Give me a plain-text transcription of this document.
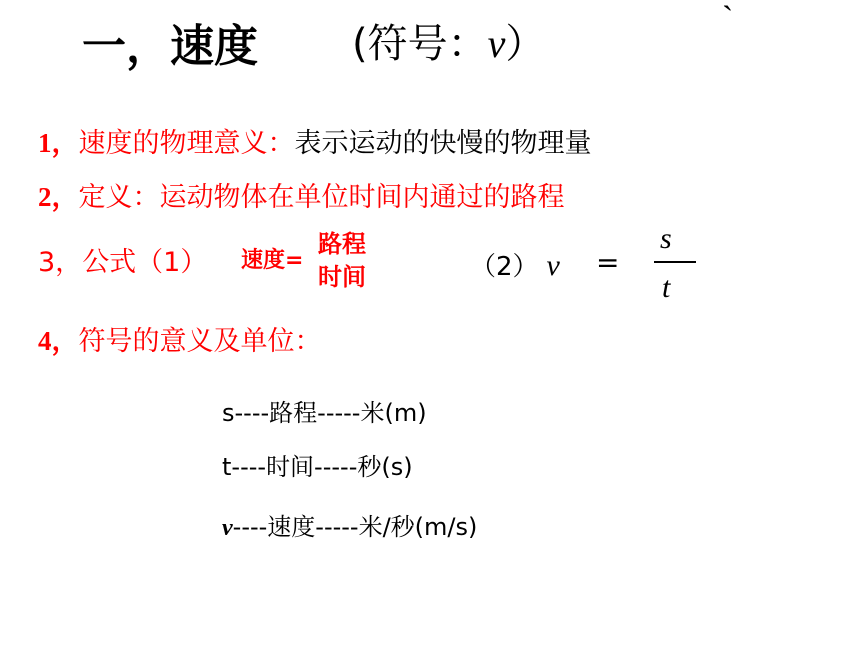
一，速度 (符号：v）
`
1，速度的物理意义：表示运动的快慢的物理量
2，定义：运动物体在单位时间内通过的路程
3，公式（1） 速度=
路程
时间	（2） v =
s
t
4，符号的意义及单位：
s----路程-----米(m)
t----时间-----秒(s)
v----速度-----米/秒(m/s)
